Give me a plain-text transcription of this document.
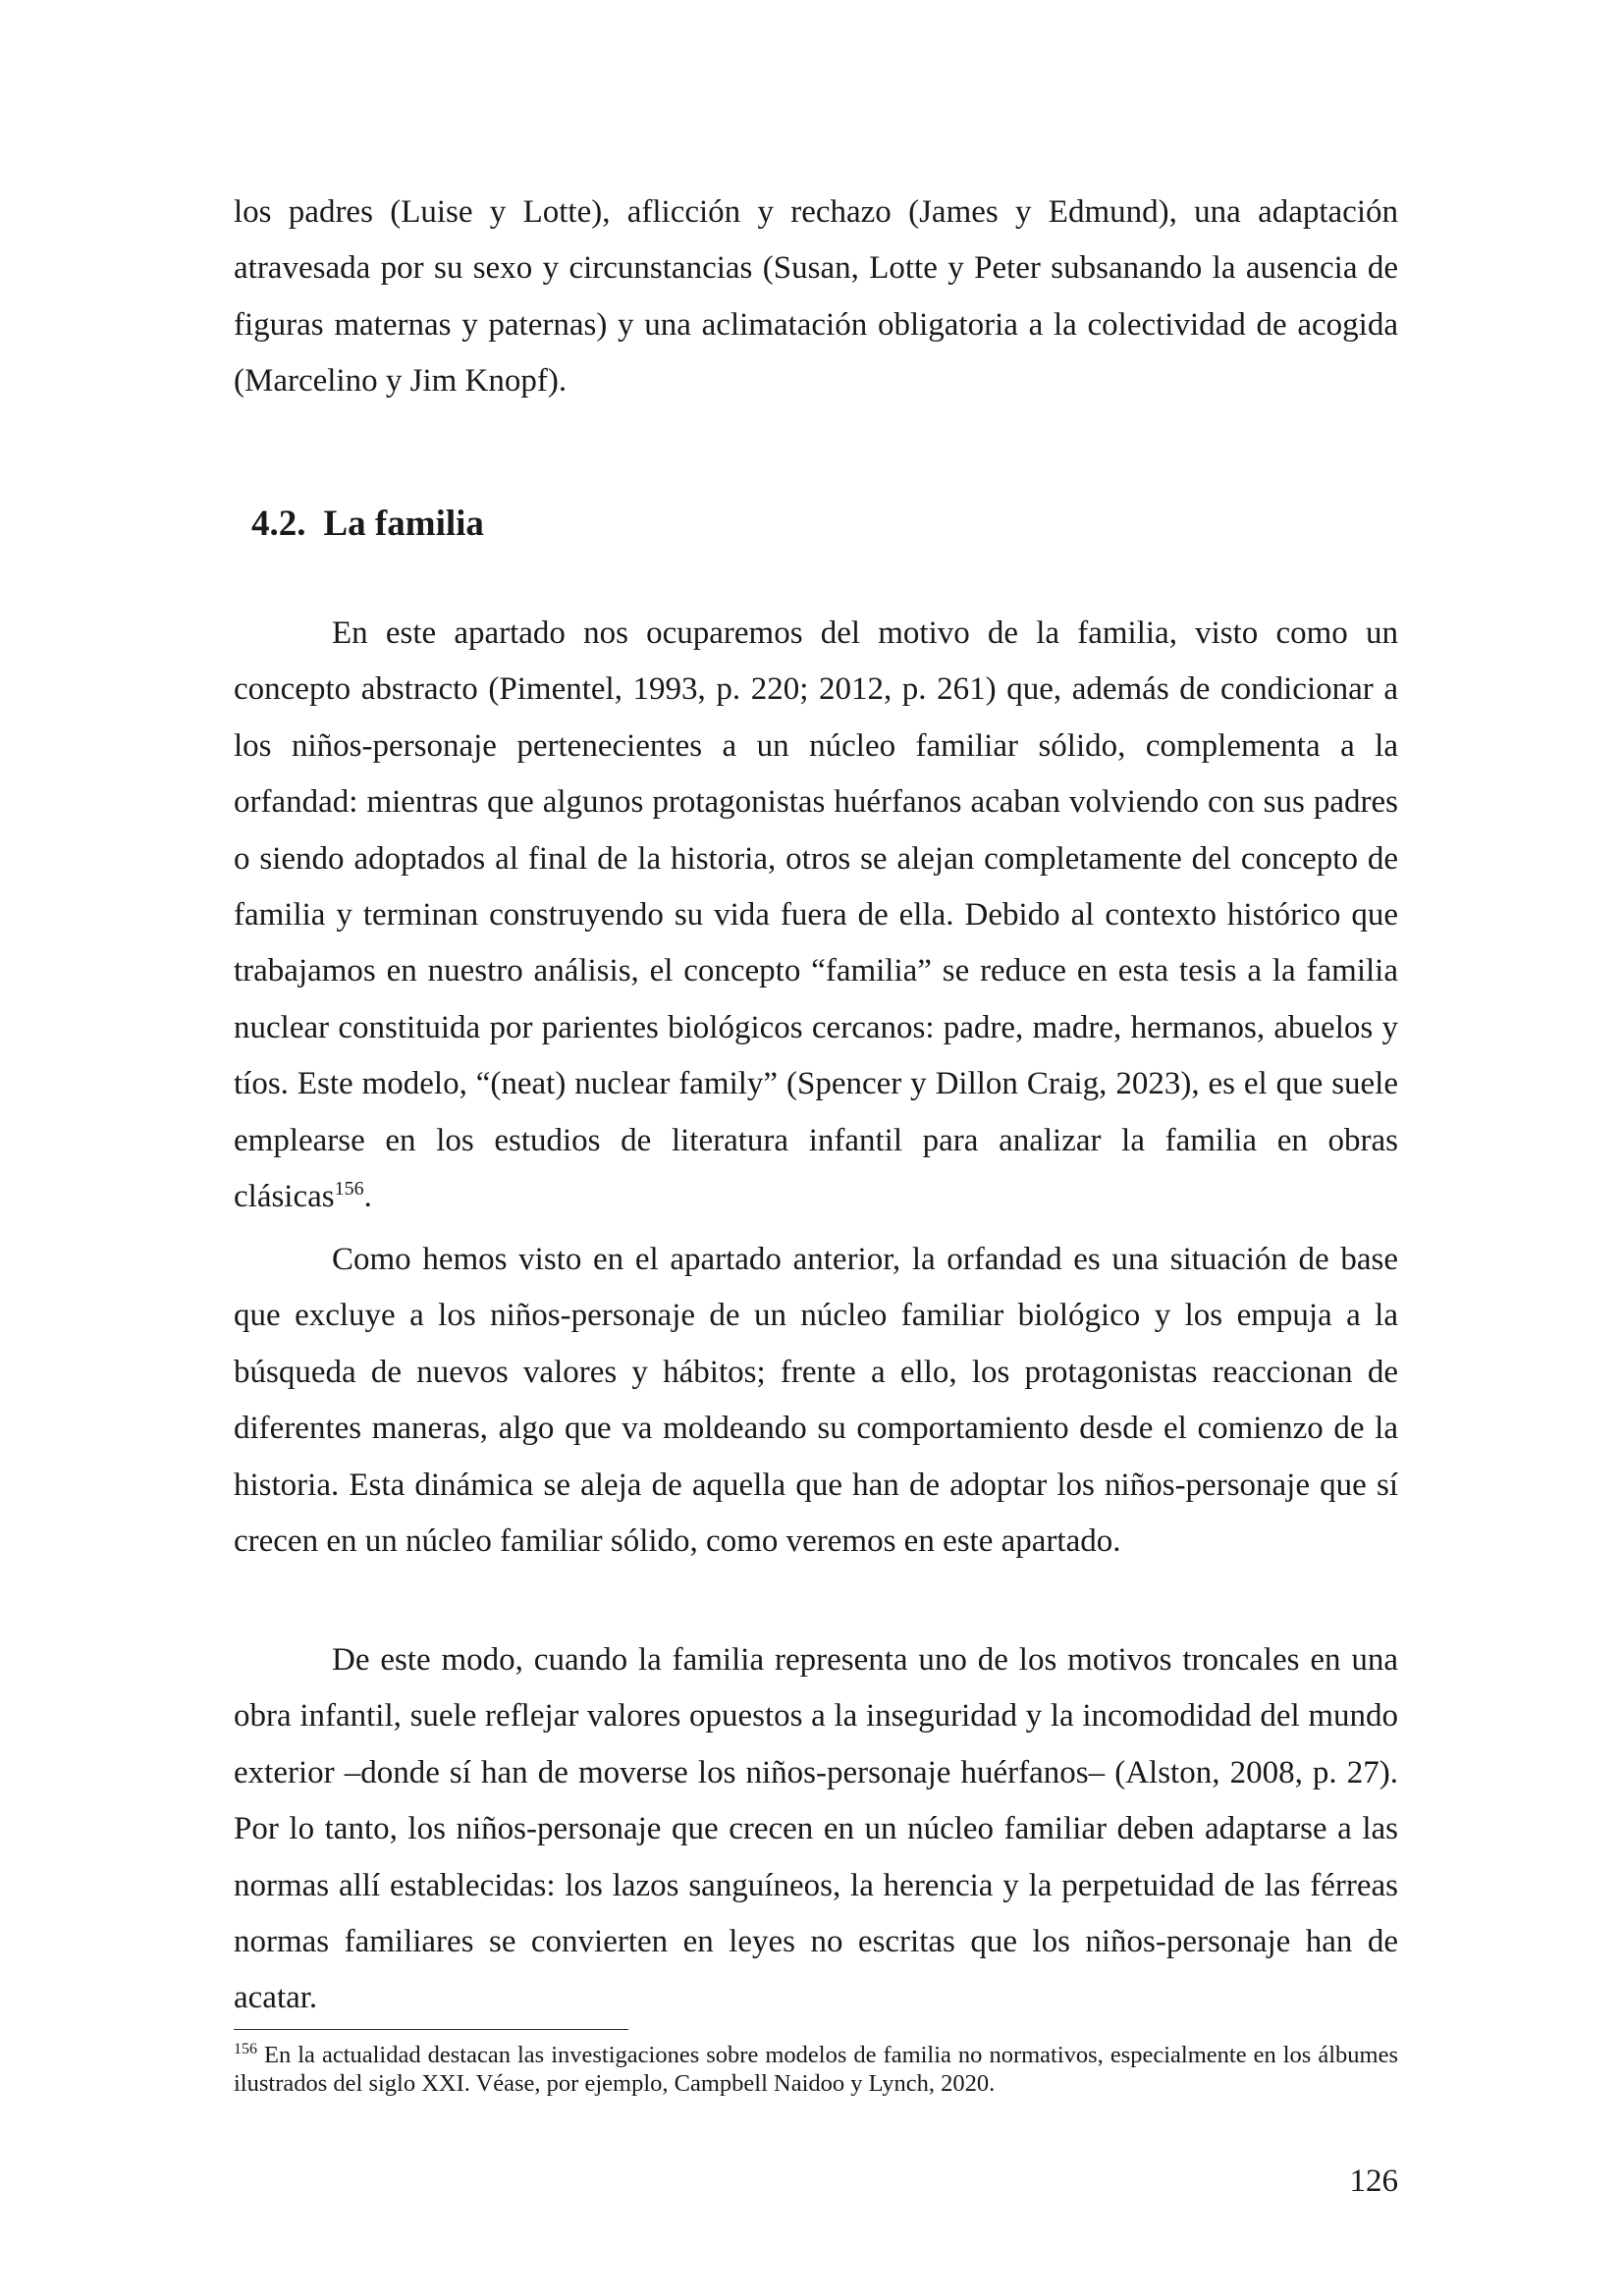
los padres (Luise y Lotte), aflicción y rechazo (James y Edmund), una adaptación atravesada por su sexo y circunstancias (Susan, Lotte y Peter subsanando la ausencia de figuras maternas y paternas) y una aclimatación obligatoria a la colectividad de acogida (Marcelino y Jim Knopf).

4.2. La familia

En este apartado nos ocuparemos del motivo de la familia, visto como un concepto abstracto (Pimentel, 1993, p. 220; 2012, p. 261) que, además de condicionar a los niños-personaje pertenecientes a un núcleo familiar sólido, complementa a la orfandad: mientras que algunos protagonistas huérfanos acaban volviendo con sus padres o siendo adoptados al final de la historia, otros se alejan completamente del concepto de familia y terminan construyendo su vida fuera de ella. Debido al contexto histórico que trabajamos en nuestro análisis, el concepto “familia” se reduce en esta tesis a la familia nuclear constituida por parientes biológicos cercanos: padre, madre, hermanos, abuelos y tíos. Este modelo, “(neat) nuclear family” (Spencer y Dillon Craig, 2023), es el que suele emplearse en los estudios de literatura infantil para analizar la familia en obras clásicas$^{156}$.

Como hemos visto en el apartado anterior, la orfandad es una situación de base que excluye a los niños-personaje de un núcleo familiar biológico y los empuja a la búsqueda de nuevos valores y hábitos; frente a ello, los protagonistas reaccionan de diferentes maneras, algo que va moldeando su comportamiento desde el comienzo de la historia. Esta dinámica se aleja de aquella que han de adoptar los niños-personaje que sí crecen en un núcleo familiar sólido, como veremos en este apartado.

De este modo, cuando la familia representa uno de los motivos troncales en una obra infantil, suele reflejar valores opuestos a la inseguridad y la incomodidad del mundo exterior –donde sí han de moverse los niños-personaje huérfanos– (Alston, 2008, p. 27). Por lo tanto, los niños-personaje que crecen en un núcleo familiar deben adaptarse a las normas allí establecidas: los lazos sanguíneos, la herencia y la perpetuidad de las férreas normas familiares se convierten en leyes no escritas que los niños-personaje han de acatar.

$^{156}$ En la actualidad destacan las investigaciones sobre modelos de familia no normativos, especialmente en los álbumes ilustrados del siglo XXI. Véase, por ejemplo, Campbell Naidoo y Lynch, 2020.

126
